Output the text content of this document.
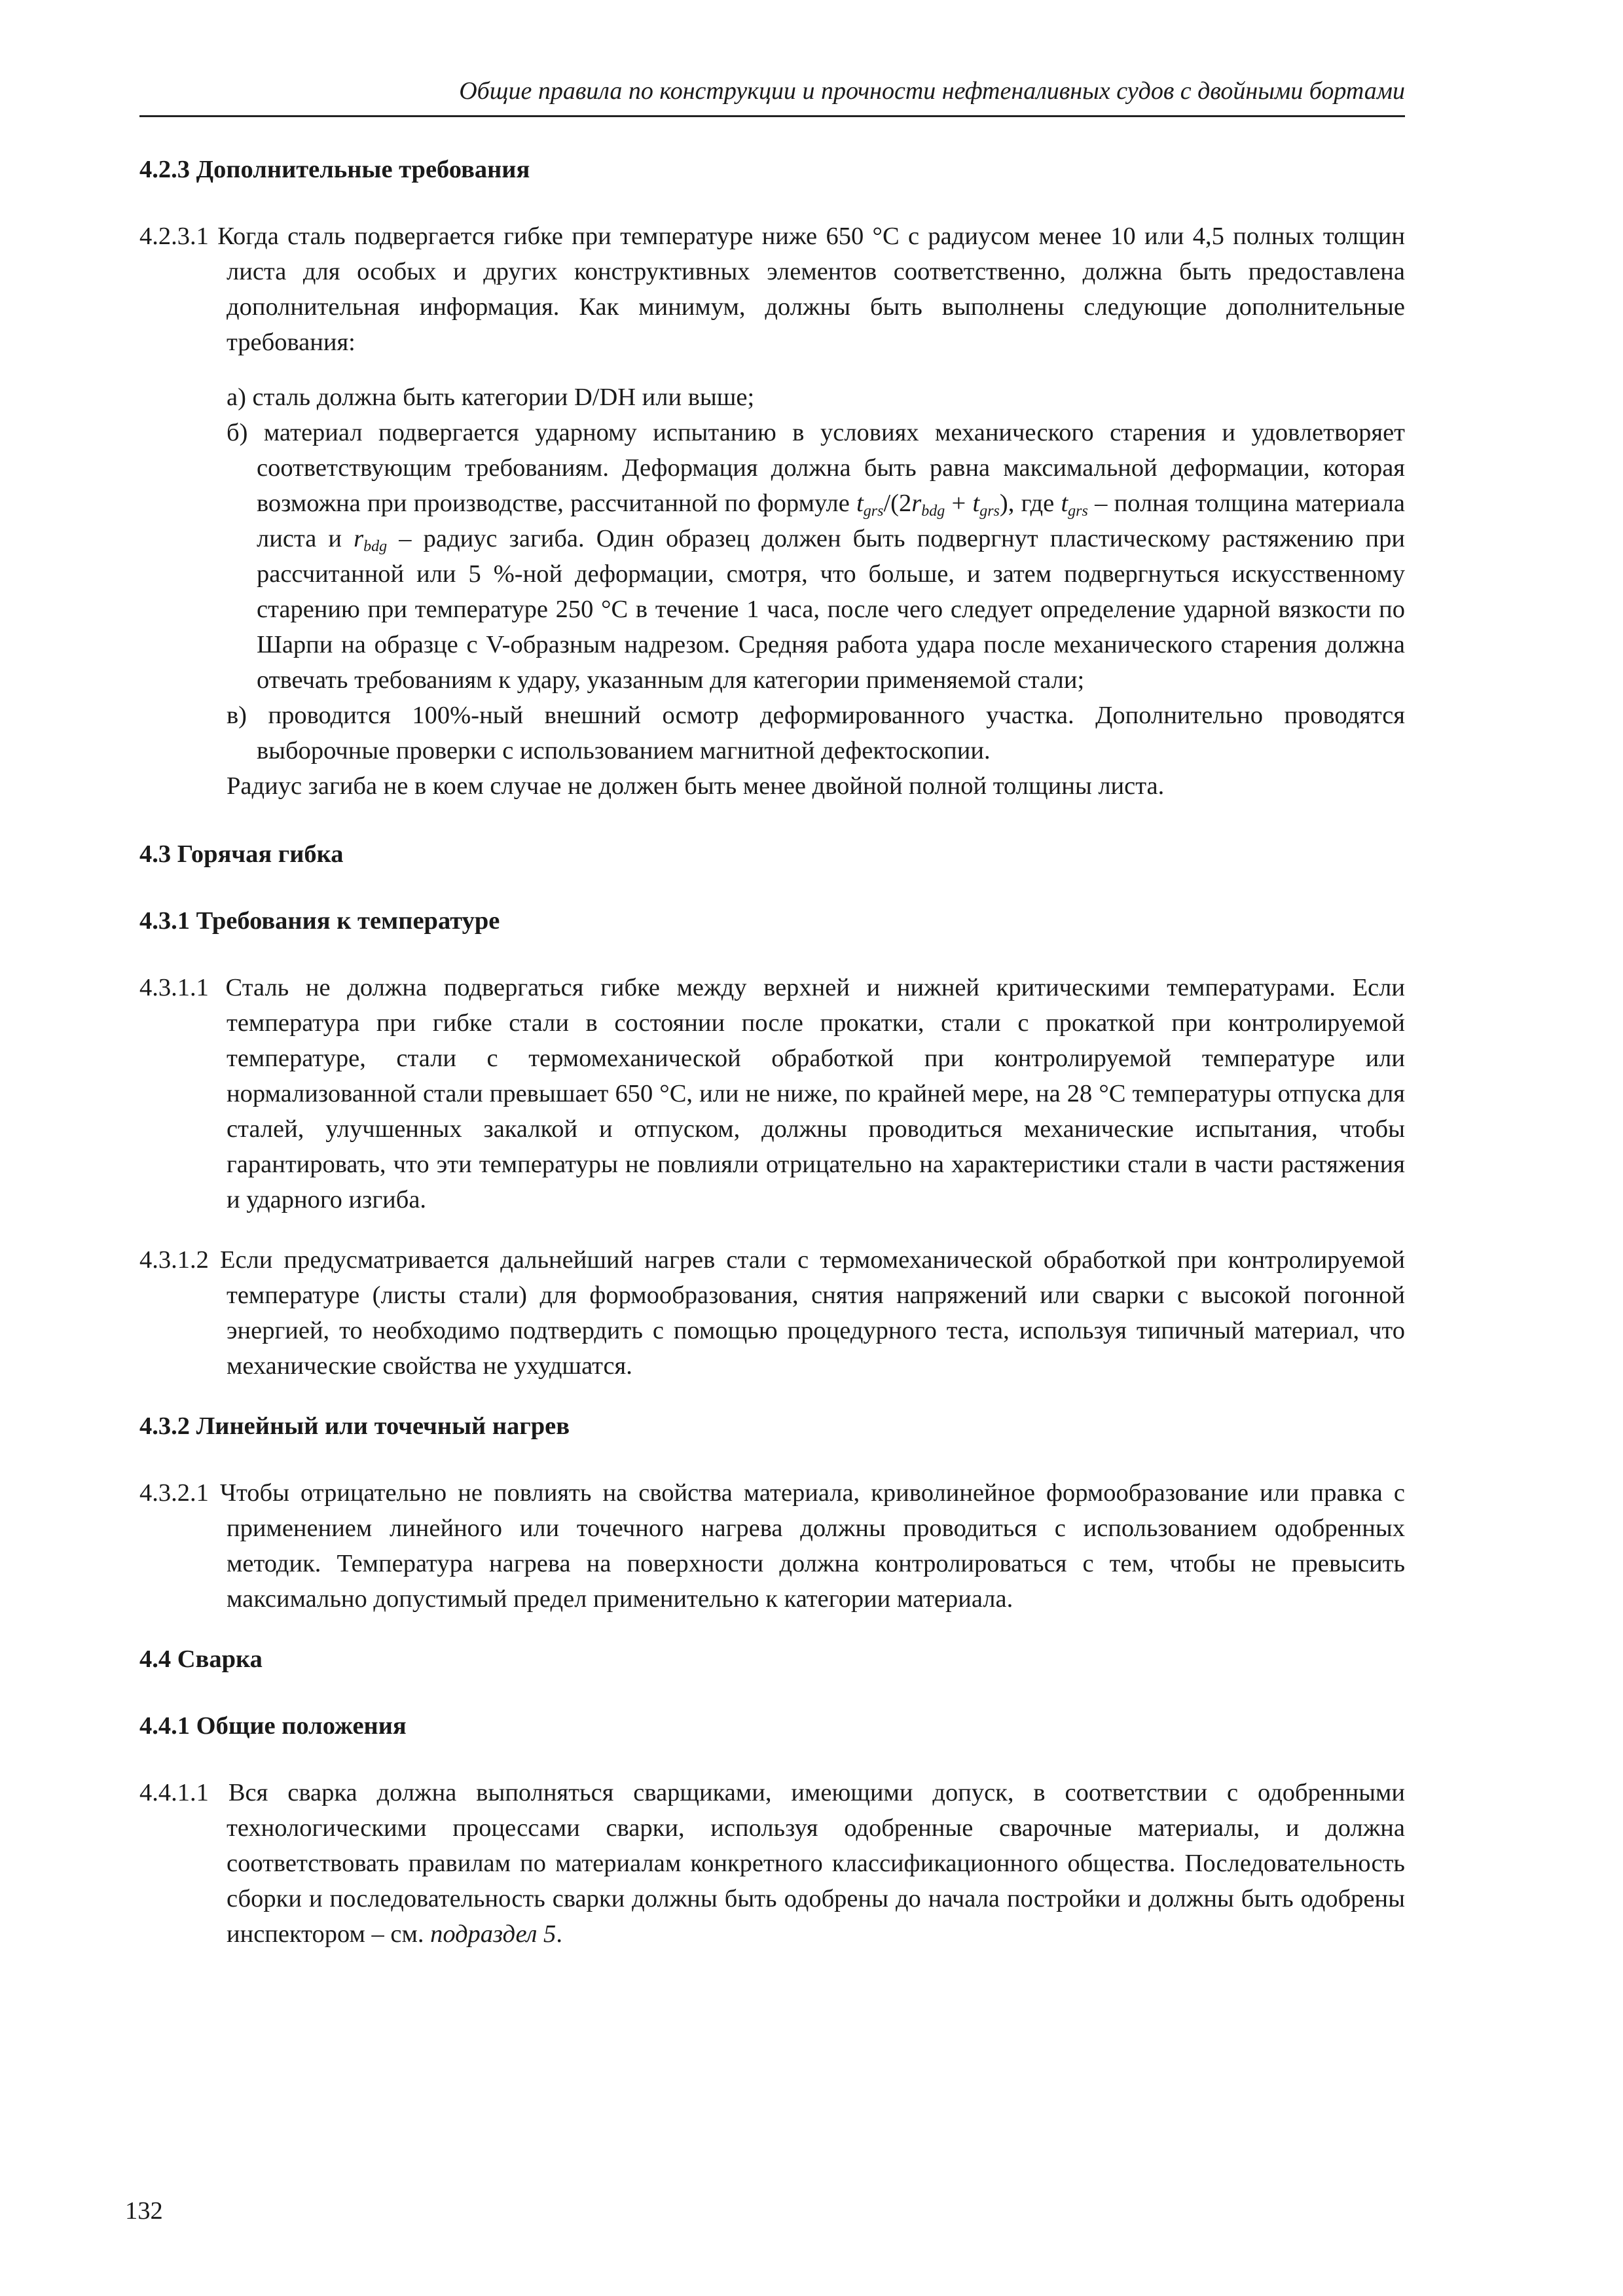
Общие правила по конструкции и прочности нефтеналивных судов с двойными бортами
4.2.3 Дополнительные требования

4.2.3.1 Когда сталь подвергается гибке при температуре ниже 650 °С с радиусом менее 10 или 4,5 полных толщин листа для особых и других конструктивных элементов соответственно, должна быть предоставлена дополнительная информация. Как минимум, должны быть выполнены следующие дополнительные требования:

а) сталь должна быть категории D/DH или выше;

б) материал подвергается ударному испытанию в условиях механического старения и удовлетворяет соответствующим требованиям. Деформация должна быть равна максимальной деформации, которая возможна при производстве, рассчитанной по формуле $t_{grs}/(2r_{bdg} + t_{grs})$, где $t_{grs}$ – полная толщина материала листа и $r_{bdg}$ – радиус загиба. Один образец должен быть подвергнут пластическому растяжению при рассчитанной или 5 %-ной деформации, смотря, что больше, и затем подвергнуться искусственному старению при температуре 250 °С в течение 1 часа, после чего следует определение ударной вязкости по Шарпи на образце с V-образным надрезом. Средняя работа удара после механического старения должна отвечать требованиям к удару, указанным для категории применяемой стали;

в) проводится 100%-ный внешний осмотр деформированного участка. Дополнительно проводятся выборочные проверки с использованием магнитной дефектоскопии.

Радиус загиба не в коем случае не должен быть менее двойной полной толщины листа.

4.3 Горячая гибка
4.3.1 Требования к температуре

4.3.1.1 Сталь не должна подвергаться гибке между верхней и нижней критическими температурами. Если температура при гибке стали в состоянии после прокатки, стали с прокаткой при контролируемой температуре, стали с термомеханической обработкой при контролируемой температуре или нормализованной стали превышает 650 °С, или не ниже, по крайней мере, на 28 °С температуры отпуска для сталей, улучшенных закалкой и отпуском, должны проводиться механические испытания, чтобы гарантировать, что эти температуры не повлияли отрицательно на характеристики стали в части растяжения и ударного изгиба.

4.3.1.2 Если предусматривается дальнейший нагрев стали с термомеханической обработкой при контролируемой температуре (листы стали) для формообразования, снятия напряжений или сварки с высокой погонной энергией, то необходимо подтвердить с помощью процедурного теста, используя типичный материал, что механические свойства не ухудшатся.

4.3.2 Линейный или точечный нагрев

4.3.2.1 Чтобы отрицательно не повлиять на свойства материала, криволинейное формообразование или правка с применением линейного или точечного нагрева должны проводиться с использованием одобренных методик. Температура нагрева на поверхности должна контролироваться с тем, чтобы не превысить максимально допустимый предел применительно к категории материала.

4.4 Сварка
4.4.1 Общие положения

4.4.1.1 Вся сварка должна выполняться сварщиками, имеющими допуск, в соответствии с одобренными технологическими процессами сварки, используя одобренные сварочные материалы, и должна соответствовать правилам по материалам конкретного классификационного общества. Последовательность сборки и последовательность сварки должны быть одобрены до начала постройки и должны быть одобрены инспектором – см. подраздел 5.

132
